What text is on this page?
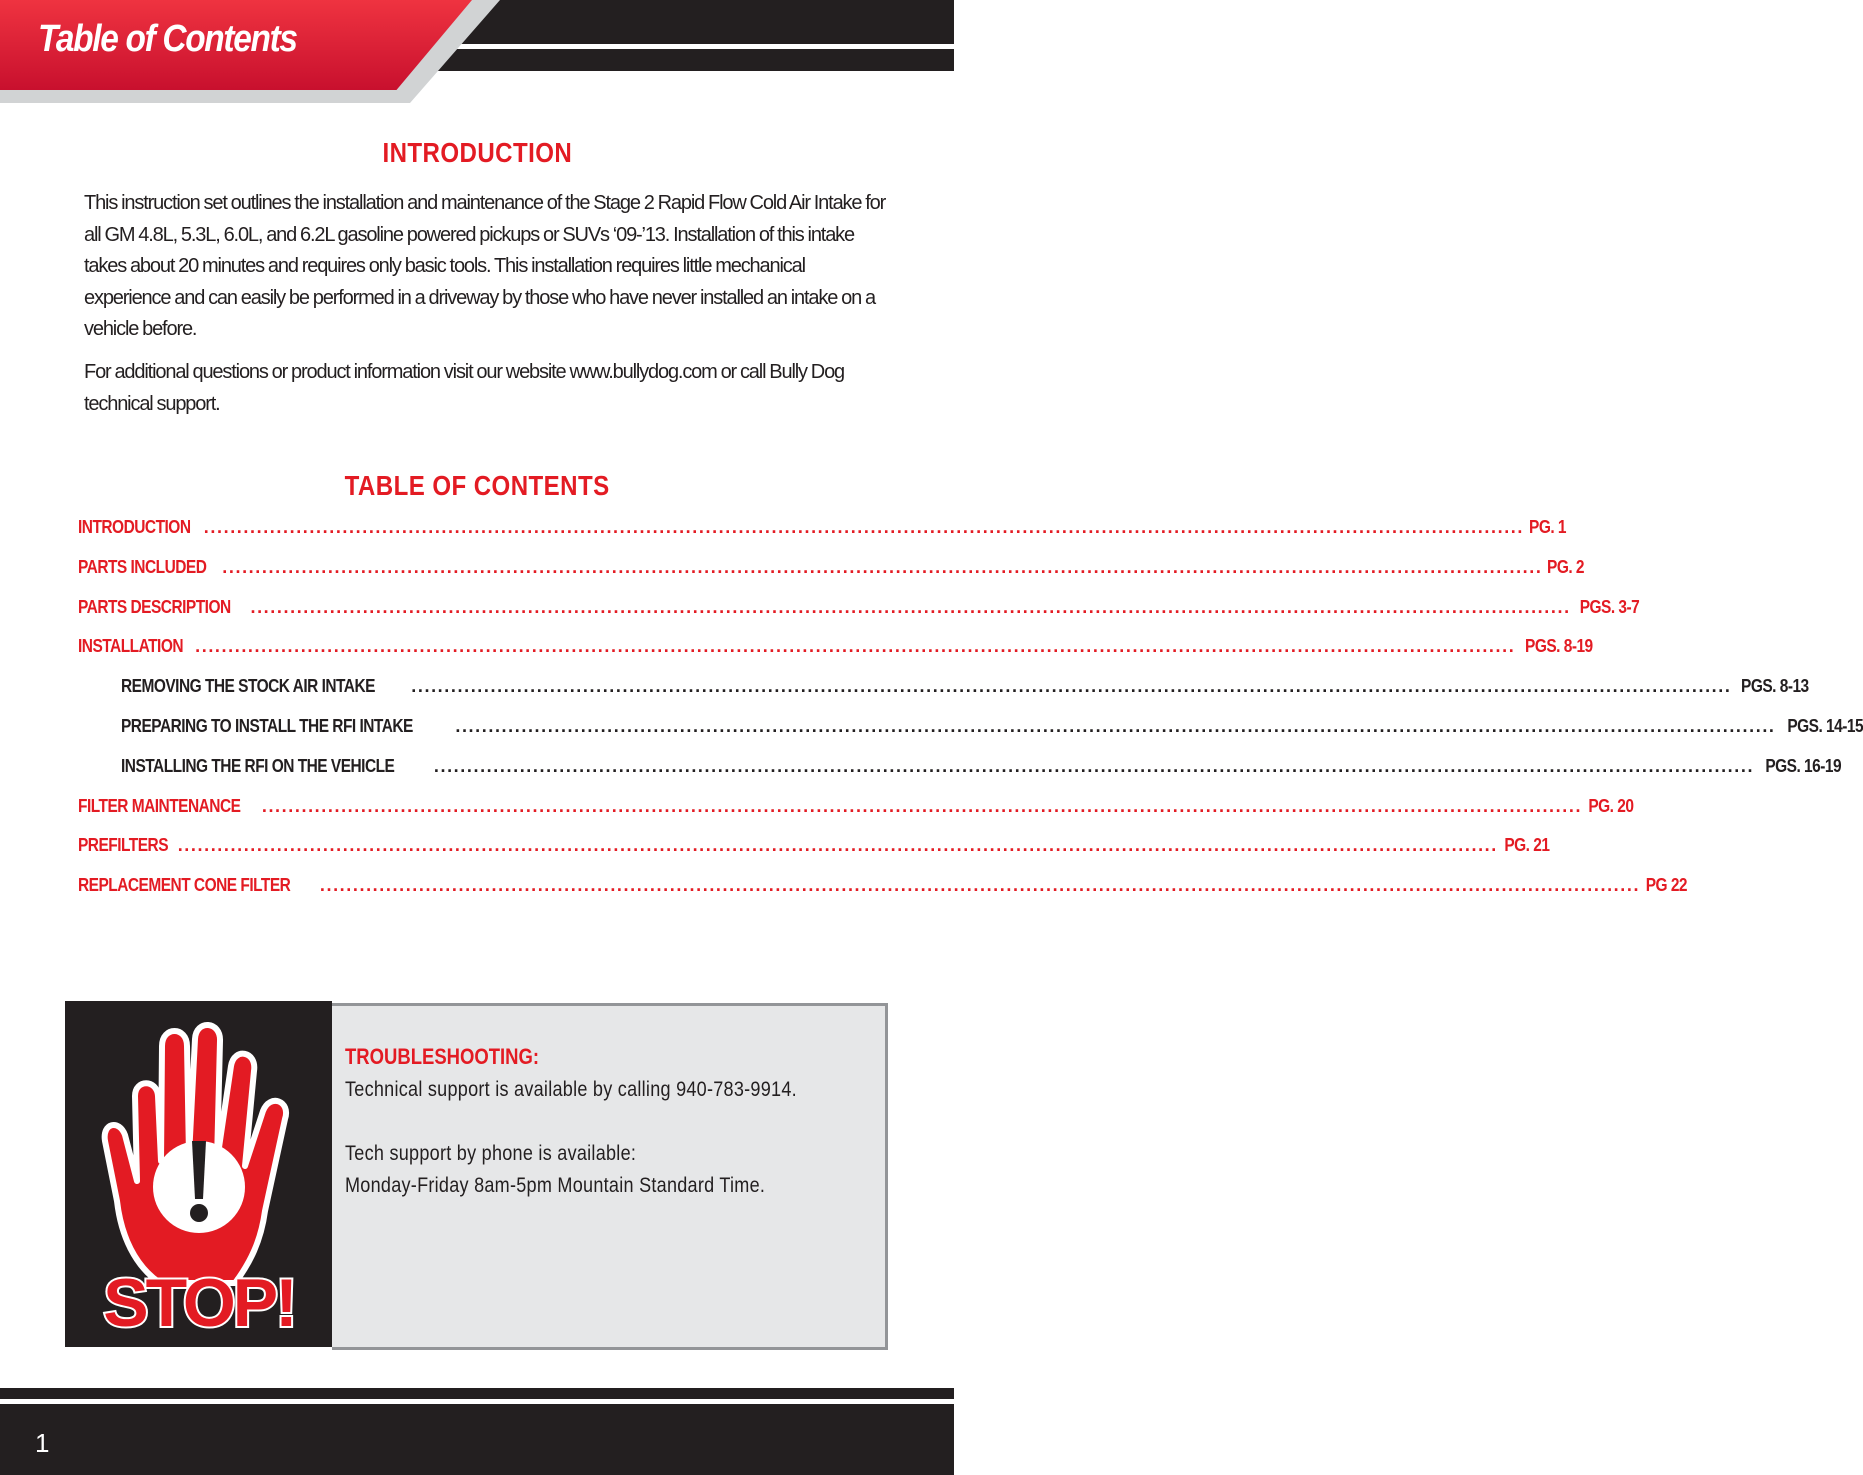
Table of Contents
INTRODUCTION
This instruction set outlines the installation and maintenance of the Stage 2 Rapid Flow Cold Air Intake for all GM 4.8L, 5.3L, 6.0L, and 6.2L gasoline powered pickups or SUVs ‘09-’13. Installation of this intake takes about 20 minutes and requires only basic tools. This installation requires little mechanical experience and can easily be performed in a driveway by those who have never installed an intake on a vehicle before.
For additional questions or product information visit our website www.bullydog.com or call Bully Dog technical support.
TABLE OF CONTENTS
INTRODUCTION ........................................................................................................................................................................................................ PG. 1
PARTS INCLUDED ........................................................................................................................................................................................................ PG. 2
PARTS DESCRIPTION ........................................................................................................................................................................................................ PGS. 3-7
INSTALLATION ........................................................................................................................................................................................................ PGS. 8-19
REMOVING THE STOCK AIR INTAKE ........................................................................................................................................................................................................ PGS. 8-13
PREPARING TO INSTALL THE RFI INTAKE ........................................................................................................................................................................................................ PGS. 14-15
INSTALLING THE RFI ON THE VEHICLE ........................................................................................................................................................................................................ PGS. 16-19
FILTER MAINTENANCE ........................................................................................................................................................................................................ PG. 20
PREFILTERS ........................................................................................................................................................................................................ PG. 21
REPLACEMENT CONE FILTER ........................................................................................................................................................................................................ PG 22
STOP!
TROUBLESHOOTING:
Technical support is available by calling 940-783-9914.
Tech support by phone is available:
Monday-Friday 8am-5pm Mountain Standard Time.
1
